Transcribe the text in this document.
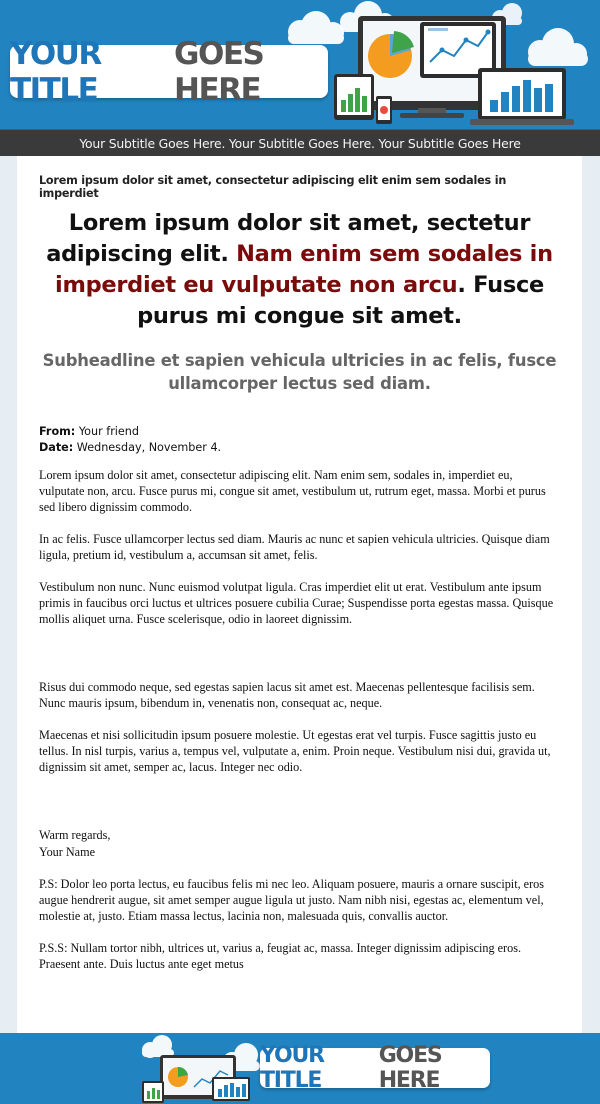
YOUR TITLE
GOES HERE
Your Subtitle Goes Here. Your Subtitle Goes Here. Your Subtitle Goes Here
Lorem ipsum dolor sit amet, consectetur adipiscing elit enim sem sodales in imperdiet
Lorem ipsum dolor sit amet, sectetur adipiscing elit. Nam enim sem sodales in imperdiet eu vulputate non arcu. Fusce purus mi congue sit amet.
Subheadline et sapien vehicula ultricies in ac felis, fusce ullamcorper lectus sed diam.
From: Your friend
Date: Wednesday, November 4.

Lorem ipsum dolor sit amet, consectetur adipiscing elit. Nam enim sem, sodales in, imperdiet eu, vulputate non, arcu. Fusce purus mi, congue sit amet, vestibulum ut, rutrum eget, massa. Morbi et purus sed libero dignissim commodo.

In ac felis. Fusce ullamcorper lectus sed diam. Mauris ac nunc et sapien vehicula ultricies. Quisque diam ligula, pretium id, vestibulum a, accumsan sit amet, felis.

Vestibulum non nunc. Nunc euismod volutpat ligula. Cras imperdiet elit ut erat. Vestibulum ante ipsum primis in faucibus orci luctus et ultrices posuere cubilia Curae; Suspendisse porta egestas massa. Quisque mollis aliquet urna. Fusce scelerisque, odio in laoreet dignissim.

Risus dui commodo neque, sed egestas sapien lacus sit amet est. Maecenas pellentesque facilisis sem. Nunc mauris ipsum, bibendum in, venenatis non, consequat ac, neque.

Maecenas et nisi sollicitudin ipsum posuere molestie. Ut egestas erat vel turpis. Fusce sagittis justo eu tellus. In nisl turpis, varius a, tempus vel, vulputate a, enim. Proin neque. Vestibulum nisi dui, gravida ut, dignissim sit amet, semper ac, lacus. Integer nec odio.

Warm regards,

Your Name

P.S: Dolor leo porta lectus, eu faucibus felis mi nec leo. Aliquam posuere, mauris a ornare suscipit, eros augue hendrerit augue, sit amet semper augue ligula ut justo. Nam nibh nisi, egestas ac, elementum vel, molestie at, justo. Etiam massa lectus, lacinia non, malesuada quis, convallis auctor.

P.S.S: Nullam tortor nibh, ultrices ut, varius a, feugiat ac, massa. Integer dignissim adipiscing eros. Praesent ante. Duis luctus ante eget metus

YOUR TITLE
GOES HERE
